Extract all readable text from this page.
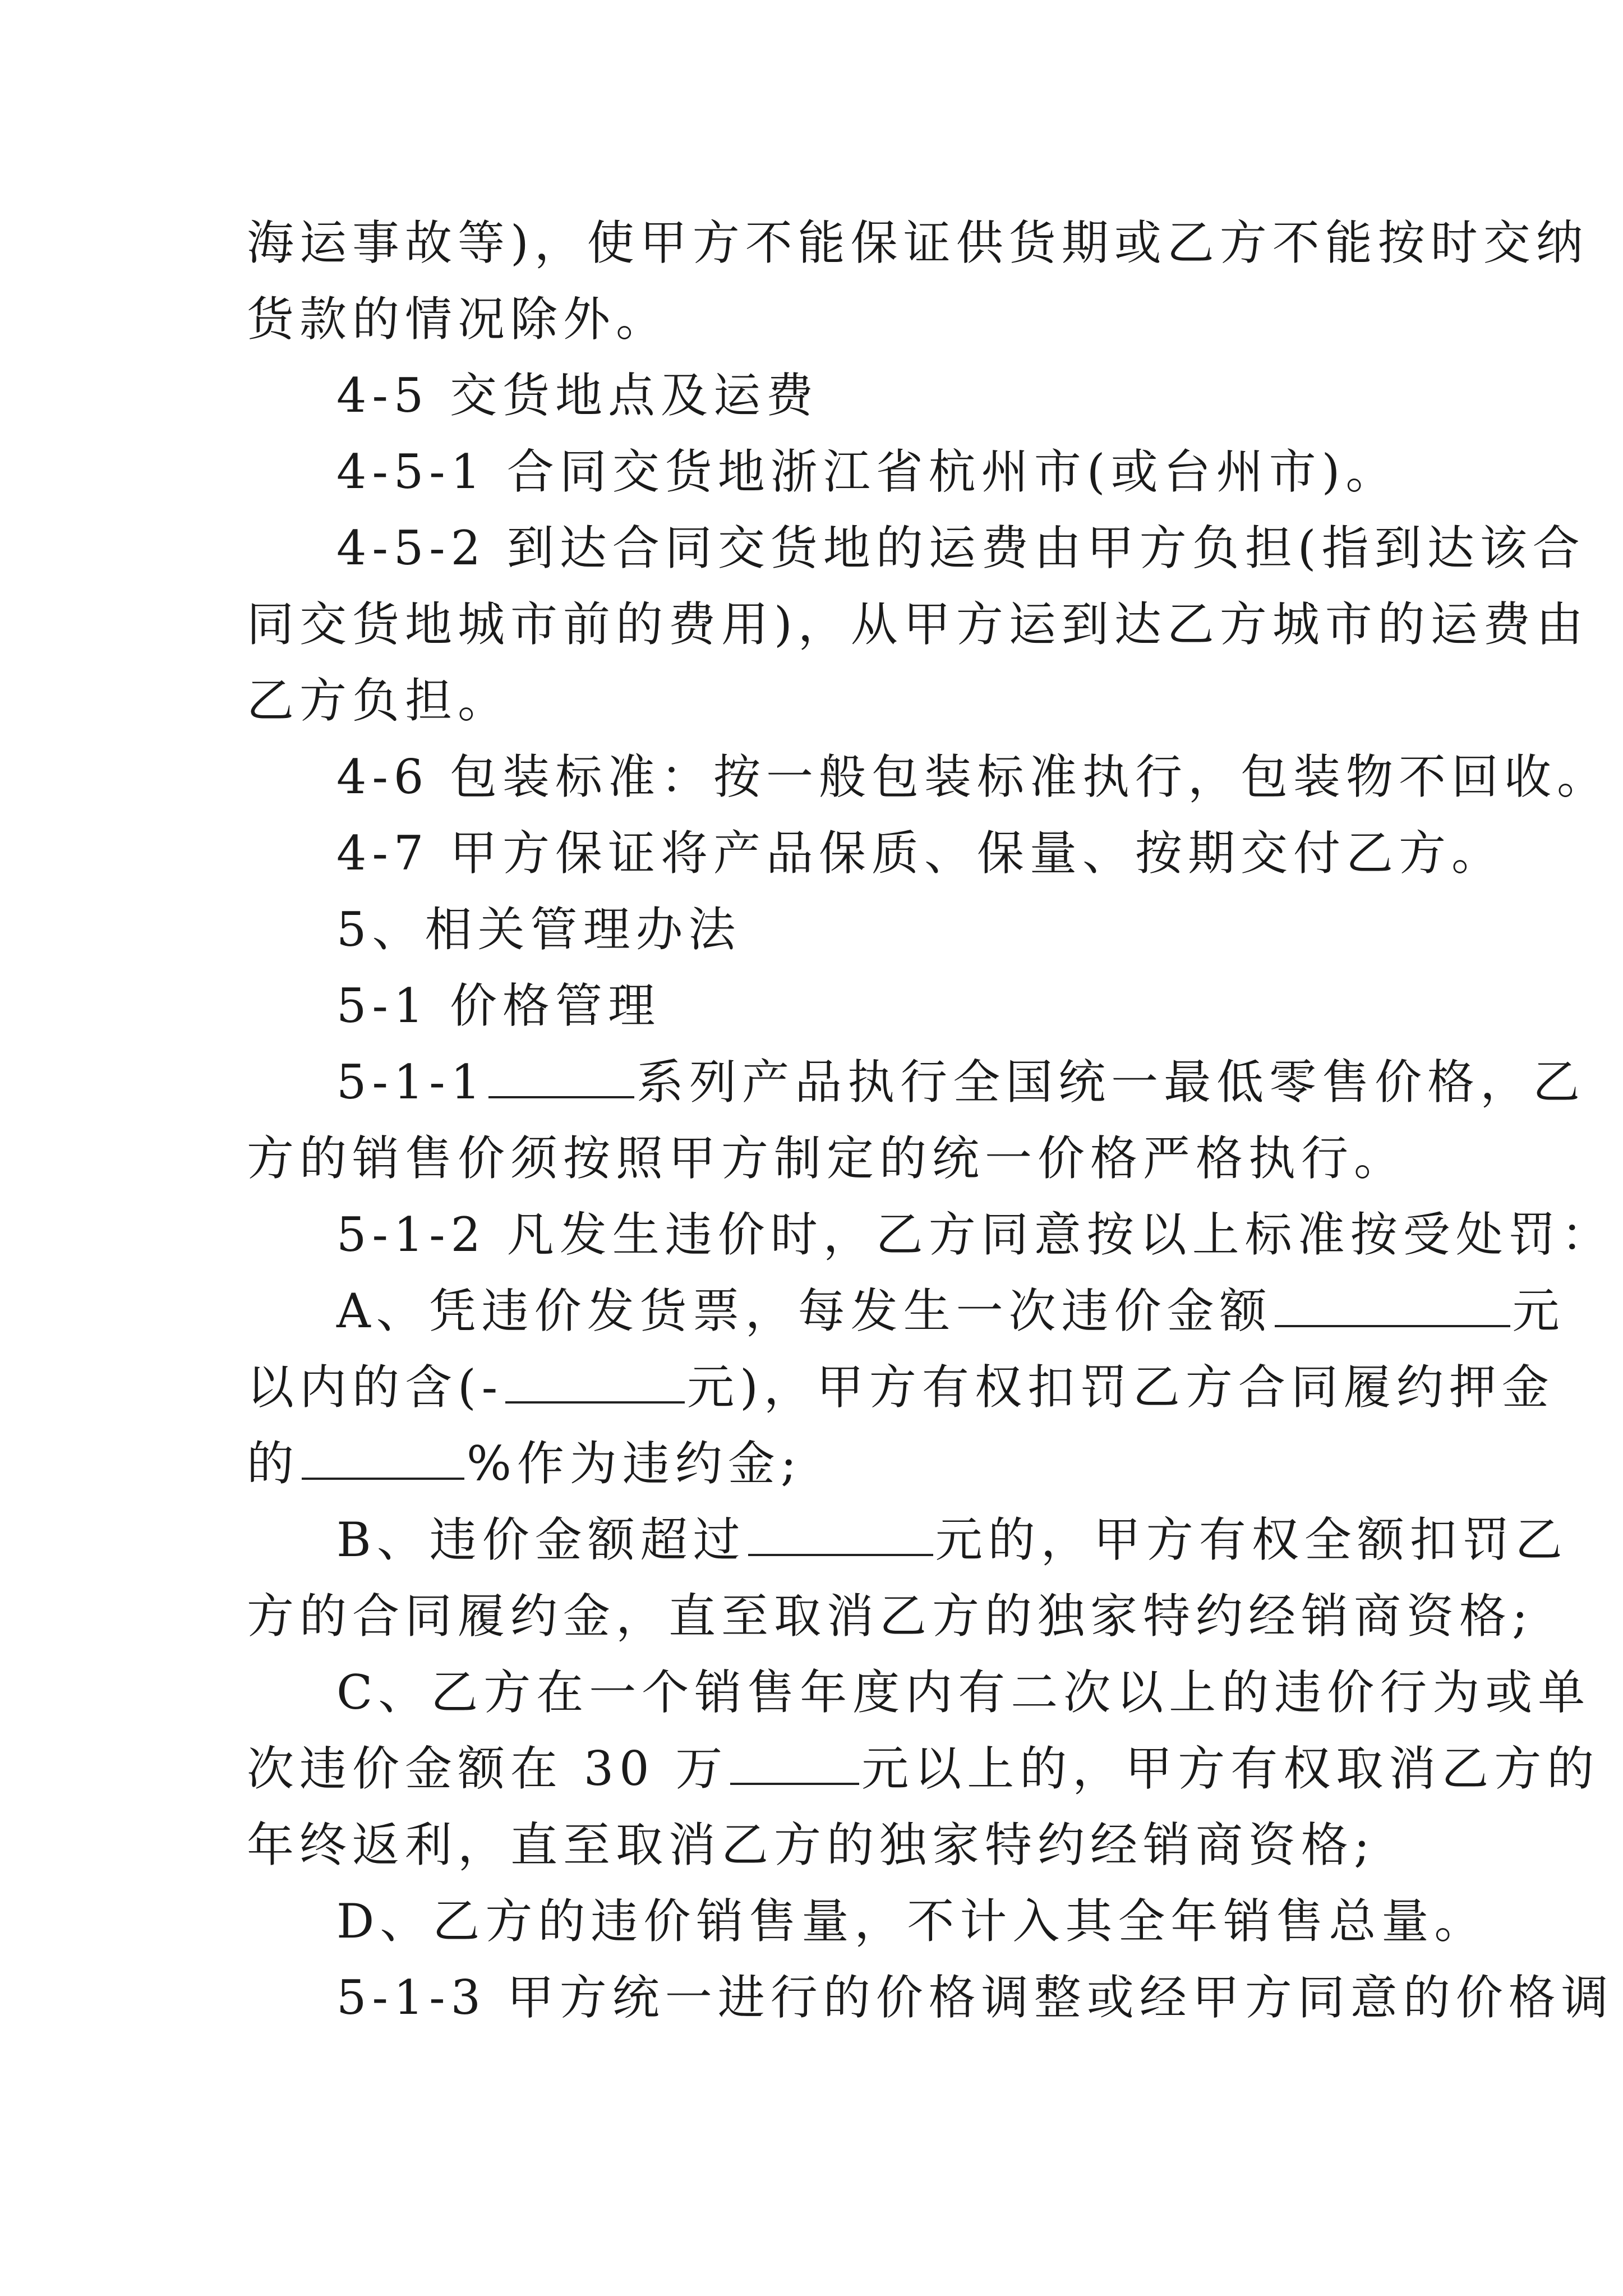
海运事故等)，使甲方不能保证供货期或乙方不能按时交纳
货款的情况除外。
4-5 交货地点及运费
4-5-1 合同交货地浙江省杭州市(或台州市)。
4-5-2 到达合同交货地的运费由甲方负担(指到达该合
同交货地城市前的费用)，从甲方运到达乙方城市的运费由
乙方负担。
4-6 包装标准：按一般包装标准执行，包装物不回收。
4-7 甲方保证将产品保质、保量、按期交付乙方。
5、相关管理办法
5-1 价格管理
5-1-1	系列产品执行全国统一最低零售价格，乙
方的销售价须按照甲方制定的统一价格严格执行。
5-1-2 凡发生违价时，乙方同意按以上标准按受处罚：
A、凭违价发货票，每发生一次违价金额	元
以内的含(-	元)，甲方有权扣罚乙方合同履约押金
的	%作为违约金;
B、违价金额超过	元的，甲方有权全额扣罚乙
方的合同履约金，直至取消乙方的独家特约经销商资格;
C、乙方在一个销售年度内有二次以上的违价行为或单
次违价金额在 30 万	元以上的，甲方有权取消乙方的
年终返利，直至取消乙方的独家特约经销商资格;
D、乙方的违价销售量，不计入其全年销售总量。
5-1-3 甲方统一进行的价格调整或经甲方同意的价格调
